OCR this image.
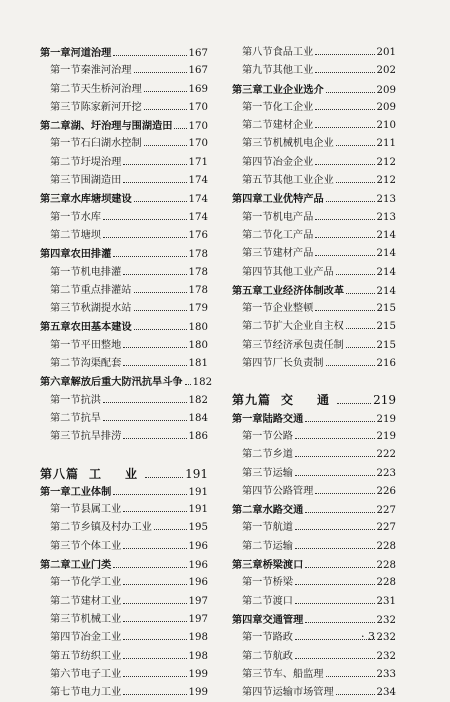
第一章 河道治理	167
第一节 秦淮河治理	167
第二节 天生桥河治理	169
第三节 陈家新河开挖	170
第二章 湖、圩治理与围湖造田 170
第一节 石臼湖水控制	170
第二节 圩堤治理	171
第三节 围湖造田	174
第三章 水库塘坝建设	174
第一节 水库	174
第二节 塘坝	176
第四章 农田排灌	178
第一节 机电排灌	178
第二节 重点排灌站	178
第三节 秋湖提水站	179
第五章 农田基本建设	180
第一节 平田整地	180
第二节 沟渠配套	181
第六章 解放后重大防汛抗旱斗争 182
第一节 抗洪	182
第二节 抗旱	184
第三节 抗旱排涝	186
第八篇 工　业	191
第一章 工业体制	191
第一节 县属工业	191
第二节 乡镇及村办工业	195
第三节 个体工业	196
第二章 工业门类	196
第一节 化学工业	196
第二节 建材工业	197
第三节 机械工业	197
第四节 冶金工业	198
第五节 纺织工业	198
第六节 电子工业	199
第七节 电力工业	199
第八节 食品工业	201
第九节 其他工业	202
第三章 工业企业选介	209
第一节 化工企业	209
第二节 建材企业	210
第三节 机械机电企业	211
第四节 冶金企业	212
第五节 其他工业企业	212
第四章 工业优特产品	213
第一节 机电产品	213
第二节 化工产品	214
第三节 建材产品	214
第四节 其他工业产品	214
第五章 工业经济体制改革	214
第一节 企业整顿	215
第二节 扩大企业自主权	215
第三节 经济承包责任制	215
第四节 厂长负责制	216
第九篇 交　通	219
第一章 陆路交通	219
第一节 公路	219
第二节 乡道	222
第三节 运输	223
第四节 公路管理	226
第二章 水路交通	227
第一节 航道	227
第二节 运输	228
第三章 桥梁渡口	228
第一节 桥梁	228
第二节 渡口	231
第四章 交通管理	232
第一节 路政	232
第二节 航政	232
第三节 车、船监理	233
第四节 运输市场管理	234
· 3 ·
